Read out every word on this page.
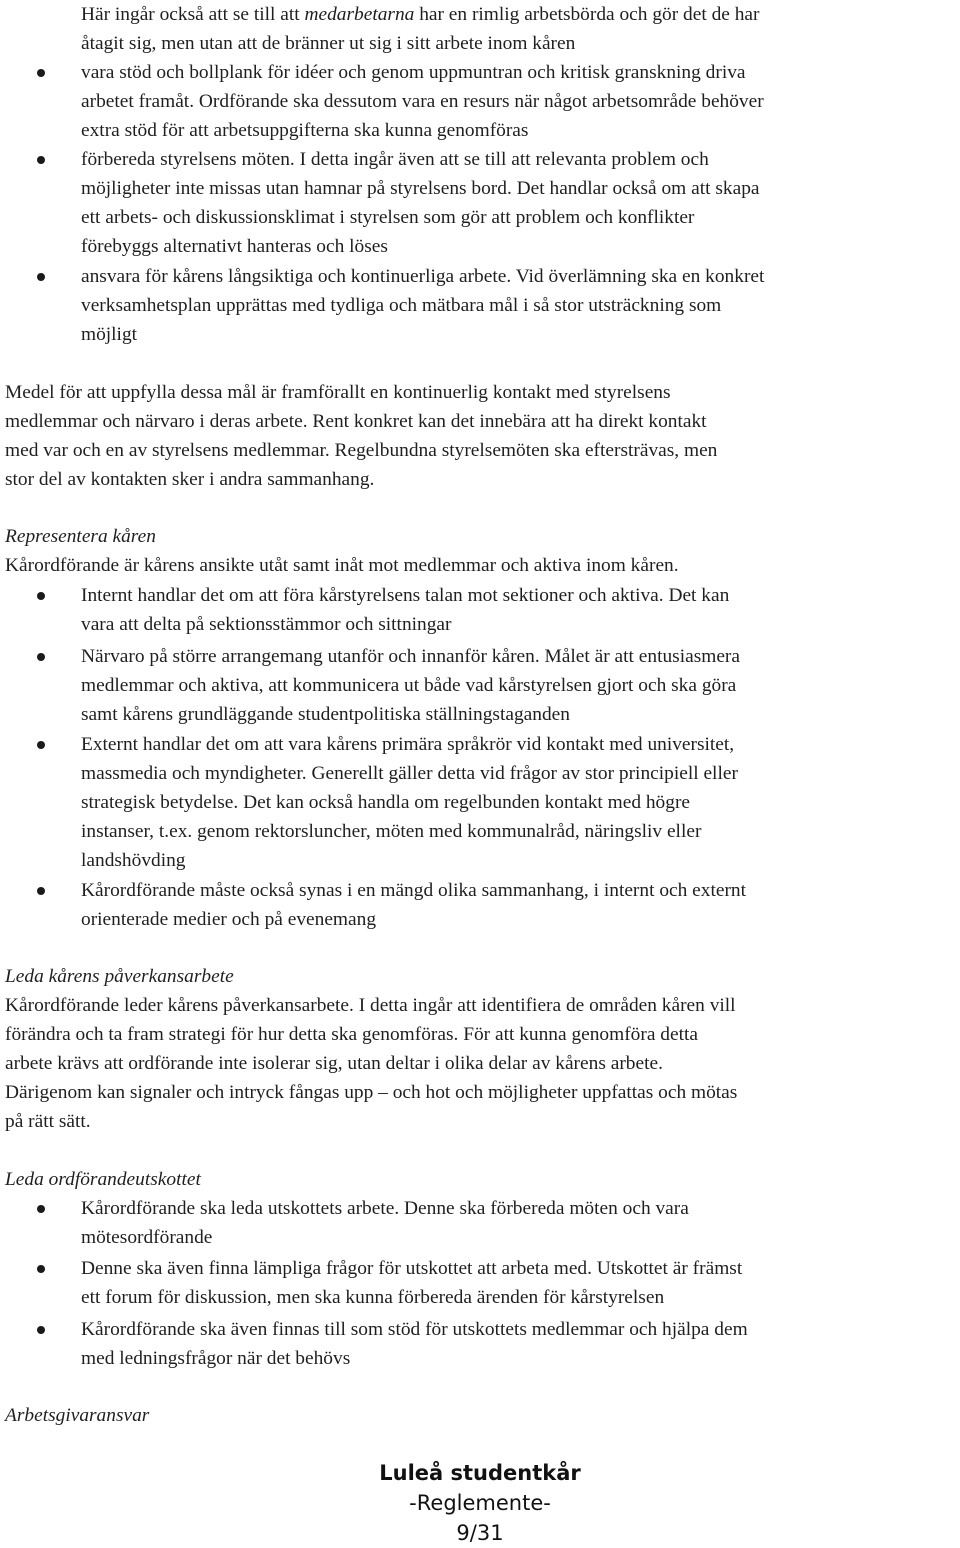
Här ingår också att se till att medarbetarna har en rimlig arbetsbörda och gör det de har
åtagit sig, men utan att de bränner ut sig i sitt arbete inom kåren
vara stöd och bollplank för idéer och genom uppmuntran och kritisk granskning driva
arbetet framåt. Ordförande ska dessutom vara en resurs när något arbetsområde behöver
extra stöd för att arbetsuppgifterna ska kunna genomföras
förbereda styrelsens möten. I detta ingår även att se till att relevanta problem och
möjligheter inte missas utan hamnar på styrelsens bord. Det handlar också om att skapa
ett arbets- och diskussionsklimat i styrelsen som gör att problem och konflikter
förebyggs alternativt hanteras och löses
ansvara för kårens långsiktiga och kontinuerliga arbete. Vid överlämning ska en konkret
verksamhetsplan upprättas med tydliga och mätbara mål i så stor utsträckning som
möjligt
Medel för att uppfylla dessa mål är framförallt en kontinuerlig kontakt med styrelsens
medlemmar och närvaro i deras arbete. Rent konkret kan det innebära att ha direkt kontakt
med var och en av styrelsens medlemmar. Regelbundna styrelsemöten ska eftersträvas, men
stor del av kontakten sker i andra sammanhang.
Representera kåren
Kårordförande är kårens ansikte utåt samt inåt mot medlemmar och aktiva inom kåren.
Internt handlar det om att föra kårstyrelsens talan mot sektioner och aktiva. Det kan
vara att delta på sektionsstämmor och sittningar
Närvaro på större arrangemang utanför och innanför kåren. Målet är att entusiasmera
medlemmar och aktiva, att kommunicera ut både vad kårstyrelsen gjort och ska göra
samt kårens grundläggande studentpolitiska ställningstaganden
Externt handlar det om att vara kårens primära språkrör vid kontakt med universitet,
massmedia och myndigheter. Generellt gäller detta vid frågor av stor principiell eller
strategisk betydelse. Det kan också handla om regelbunden kontakt med högre
instanser, t.ex. genom rektorsluncher, möten med kommunalråd, näringsliv eller
landshövding
Kårordförande måste också synas i en mängd olika sammanhang, i internt och externt
orienterade medier och på evenemang
Leda kårens påverkansarbete
Kårordförande leder kårens påverkansarbete. I detta ingår att identifiera de områden kåren vill
förändra och ta fram strategi för hur detta ska genomföras. För att kunna genomföra detta
arbete krävs att ordförande inte isolerar sig, utan deltar i olika delar av kårens arbete.
Därigenom kan signaler och intryck fångas upp – och hot och möjligheter uppfattas och mötas
på rätt sätt.
Leda ordförandeutskottet
Kårordförande ska leda utskottets arbete. Denne ska förbereda möten och vara
mötesordförande
Denne ska även finna lämpliga frågor för utskottet att arbeta med. Utskottet är främst
ett forum för diskussion, men ska kunna förbereda ärenden för kårstyrelsen
Kårordförande ska även finnas till som stöd för utskottets medlemmar och hjälpa dem
med ledningsfrågor när det behövs
Arbetsgivaransvar
Luleå studentkår
-Reglemente-
9/31
